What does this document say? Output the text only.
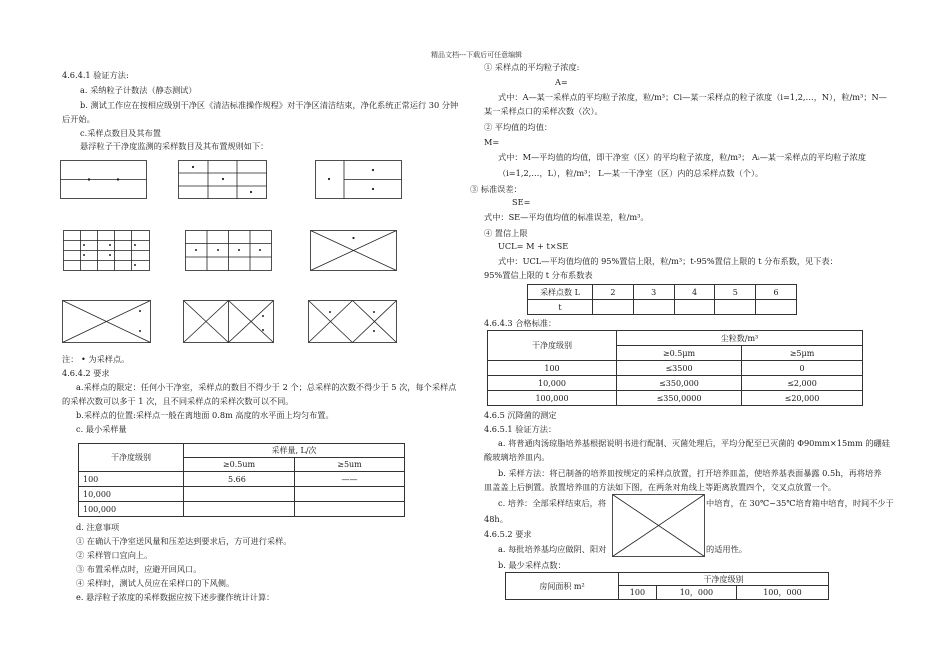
精品文档---下载后可任意编辑
4.6.4.1 验证方法:
a. 采纳粒子计数法（静态测试）
b. 测试工作应在按相应级别干净区《清洁标准操作规程》对干净区清洁结束，净化系统正常运行 30 分钟
后开始。
c.采样点数目及其布置
悬浮粒子干净度监测的采样数目及其布置规则如下：
注： • 为采样点。
4.6.4.2 要求
a.采样点的限定：任何小干净室，采样点的数目不得少于 2 个；总采样的次数不得少于 5 次，每个采样点
的采样次数可以多于 1 次，且不同采样点的采样次数可以不同。
b.采样点的位置:采样点一般在离地面 0.8m 高度的水平面上均匀布置。
c. 最小采样量
干净度级别	采样量, L/次	
	≥0.5um	≥5um
100	5.66	——
10,000		
100,000		
d. 注意事项
① 在确认干净室送风量和压差达到要求后，方可进行采样。
② 采样管口宜向上。
③ 布置采样点时，应避开回风口。
④ 采样时，测试人员应在采样口的下风侧。
e. 悬浮粒子浓度的采样数据应按下述步骤作统计计算：
① 采样点的平均粒子浓度:
A=
式中：A—某一采样点的平均粒子浓度，粒/m³；Ci—某一采样点的粒子浓度（i=1,2,…，N），粒/m³；N—
某一采样点口的采样次数（次）。
② 平均值的均值：
M=
式中：M—平均值的均值，即干净室（区）的平均粒子浓度，粒/m³； Aᵢ—某一采样点的平均粒子浓度
（i=1,2,…，L），粒/m³； L—某一干净室（区）内的总采样点数（个）。
③ 标准误差：
SE=
式中：SE—平均值均值的标准误差，粒/m³。
④ 置信上限
UCL= M + t×SE
式中：UCL—平均值均值的 95%置信上限，粒/m³；t-95%置信上限的 t 分布系数，见下表：
95%置信上限的 t 分布系数表
采样点数 L	2	3	4	5	6
t					
4.6.4.3 合格标准：
干净度级别	尘粒数/m³	
	≥0.5μm	≥5μm
100	≤3500	0
10,000	≤350,000	≤2,000
100,000	≤350,0000	≤20,000
4.6.5 沉降菌的测定
4.6.5.1 验证方法：
a. 将普通肉汤琼脂培养基根据说明书进行配制、灭菌处理后，平均分配至已灭菌的 Φ90mm×15mm 的硼硅
酸玻璃培养皿内。
b. 采样方法：将已制备的培养皿按规定的采样点放置，打开培养皿盖，使培养基表面暴露 0.5h，再将培养
皿盖盖上后倒置。放置培养皿的方法如下图，在两条对角线上等距离放置四个，交叉点放置一个。
c. 培养：全部采样结束后，将	中培育，在 30℃~35℃培育箱中培育，时间不少于
48h。
4.6.5.2 要求
a. 每批培养基均应做阴、阳对	的适用性。
b. 最少采样点数：
房间面积 m²	干净度级别		
	100	10，000	100，000
